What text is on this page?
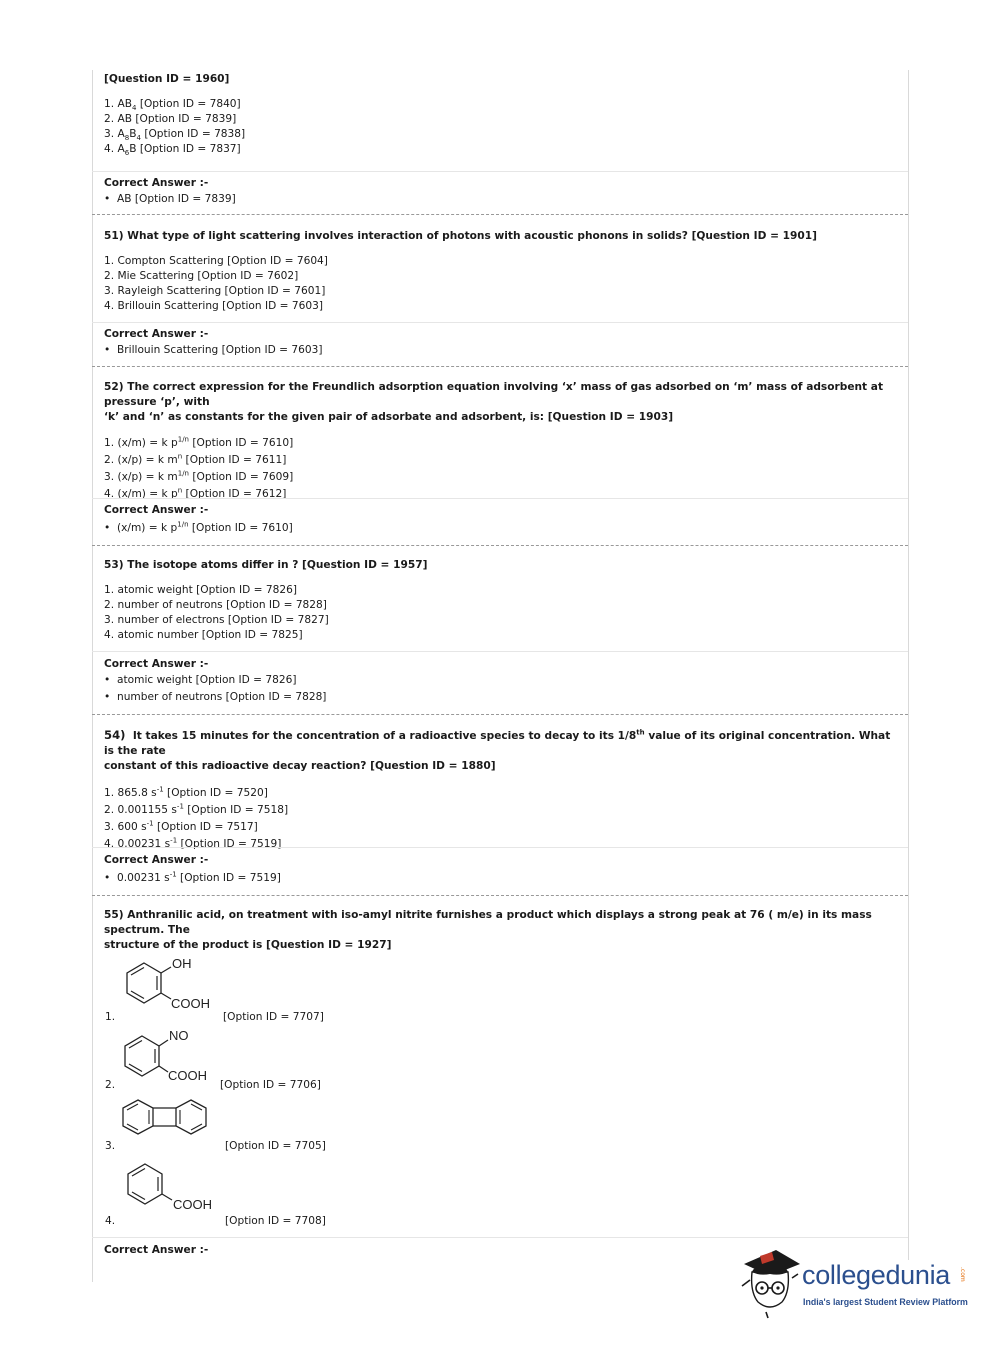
[Question ID = 1960]
1. $AB_4$ [Option ID = 7840]
2. AB [Option ID = 7839]
3. $A_8B_4$ [Option ID = 7838]
4. $A_6B$ [Option ID = 7837]
Correct Answer :-
• AB [Option ID = 7839]
51) What type of light scattering involves interaction of photons with acoustic phonons in solids? [Question ID = 1901]
1. Compton Scattering [Option ID = 7604]
2. Mie Scattering [Option ID = 7602]
3. Rayleigh Scattering [Option ID = 7601]
4. Brillouin Scattering [Option ID = 7603]
Correct Answer :-
• Brillouin Scattering [Option ID = 7603]
52) The correct expression for the Freundlich adsorption equation involving ‘x’ mass of gas adsorbed on ‘m’ mass of adsorbent at pressure ‘p’, with
‘k’ and ‘n’ as constants for the given pair of adsorbate and adsorbent, is: [Question ID = 1903]
1. (x/m) = k $p^{1/n}$ [Option ID = 7610]
2. (x/p) = k $m^n$ [Option ID = 7611]
3. (x/p) = k $m^{1/n}$ [Option ID = 7609]
4. (x/m) = k $p^n$ [Option ID = 7612]
Correct Answer :-
• (x/m) = k $p^{1/n}$ [Option ID = 7610]
53) The isotope atoms differ in ? [Question ID = 1957]
1. atomic weight [Option ID = 7826]
2. number of neutrons [Option ID = 7828]
3. number of electrons [Option ID = 7827]
4. atomic number [Option ID = 7825]
Correct Answer :-
• atomic weight [Option ID = 7826]
• number of neutrons [Option ID = 7828]
54) It takes 15 minutes for the concentration of a radioactive species to decay to its 1/8th value of its original concentration. What is the rate
constant of this radioactive decay reaction? [Question ID = 1880]
1. 865.8 $s^{-1}$ [Option ID = 7520]
2. 0.001155 $s^{-1}$ [Option ID = 7518]
3. 600 $s^{-1}$ [Option ID = 7517]
4. 0.00231 $s^{-1}$ [Option ID = 7519]
Correct Answer :-
• 0.00231 $s^{-1}$ [Option ID = 7519]
55) Anthranilic acid, on treatment with iso-amyl nitrite furnishes a product which displays a strong peak at 76 ( m/e) in its mass spectrum. The
structure of the product is [Question ID = 1927]
OH
COOH
1.	[Option ID = 7707]
NO
COOH
2.	[Option ID = 7706]
3.	[Option ID = 7705]
COOH
4.	[Option ID = 7708]
Correct Answer :-
collegedunia .com
India's largest Student Review Platform
